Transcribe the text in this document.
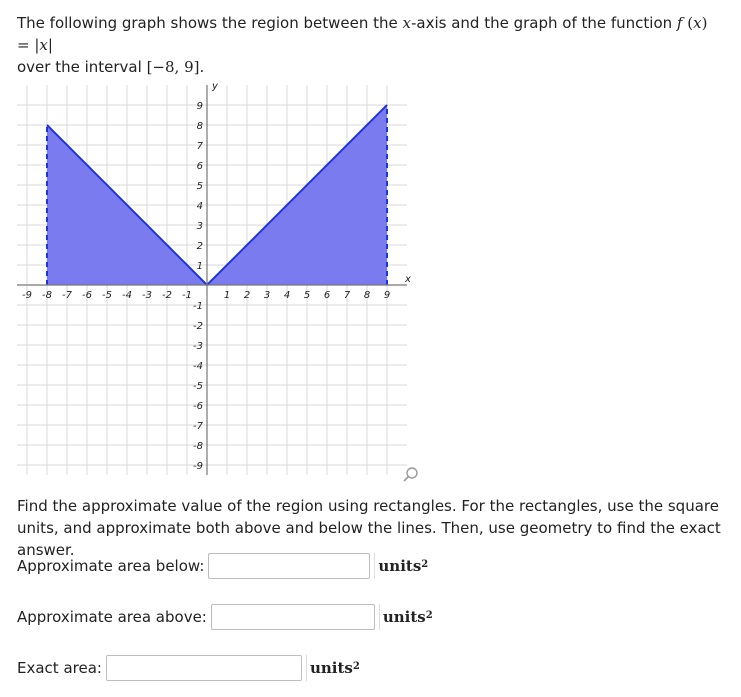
The following graph shows the region between the x-axis and the graph of the function f (x) = |x|
over the interval [−8, 9].
-9 -8 -7 -6 -5 -4 -3 -2 -1	1 2 3 4 5 6 7 8 9
9
8
7
6
5
4
3
2
1
-1
-2
-3
-4
-5
-6
-7
-8
-9
x
y
Find the approximate value of the region using rectangles. For the rectangles, use the square units, and approximate both above and below the lines. Then, use geometry to find the exact answer.
Approximate area below:	units$^2$
Approximate area above:	units$^2$
Exact area:	units$^2$
